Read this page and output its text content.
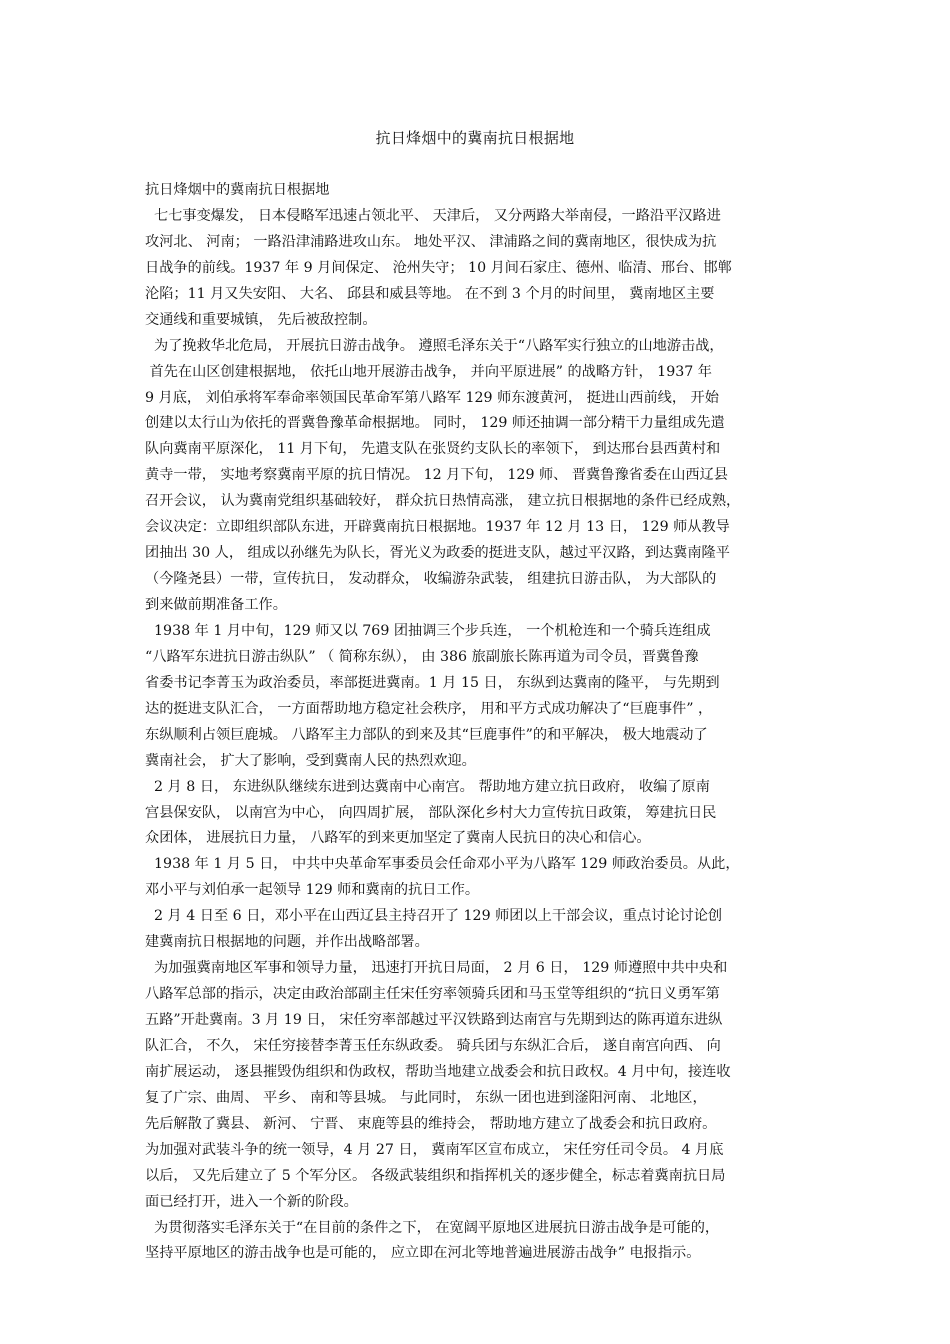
抗日烽烟中的冀南抗日根据地
抗日烽烟中的冀南抗日根据地
七七事变爆发， 日本侵略军迅速占领北平、 天津后， 又分两路大举南侵，一路沿平汉路进
攻河北、 河南； 一路沿津浦路进攻山东。 地处平汉、 津浦路之间的冀南地区，很快成为抗
日战争的前线。1937 年 9 月间保定、 沧州失守； 10 月间石家庄、德州、临清、邢台、邯郸
沦陷；11 月又失安阳、 大名、 邱县和威县等地。 在不到 3 个月的时间里， 冀南地区主要
交通线和重要城镇， 先后被敌控制。
为了挽救华北危局， 开展抗日游击战争。 遵照毛泽东关于“八路军实行独立的山地游击战，
首先在山区创建根据地， 依托山地开展游击战争， 并向平原进展” 的战略方针， 1937 年
9 月底， 刘伯承将军奉命率领国民革命军第八路军 129 师东渡黄河， 挺进山西前线， 开始
创建以太行山为依托的晋冀鲁豫革命根据地。 同时， 129 师还抽调一部分精干力量组成先遣
队向冀南平原深化， 11 月下旬， 先遣支队在张贤约支队长的率领下， 到达邢台县西黄村和
黄寺一带， 实地考察冀南平原的抗日情况。 12 月下旬， 129 师、 晋冀鲁豫省委在山西辽县
召开会议， 认为冀南党组织基础较好， 群众抗日热情高涨， 建立抗日根据地的条件已经成熟，
会议决定：立即组织部队东进，开辟冀南抗日根据地。1937 年 12 月 13 日， 129 师从教导
团抽出 30 人， 组成以孙继先为队长，胥光义为政委的挺进支队，越过平汉路，到达冀南隆平
（今隆尧县）一带，宣传抗日， 发动群众， 收编游杂武装， 组建抗日游击队， 为大部队的
到来做前期准备工作。
1938 年 1 月中旬，129 师又以 769 团抽调三个步兵连， 一个机枪连和一个骑兵连组成
“八路军东进抗日游击纵队” （ 简称东纵）， 由 386 旅副旅长陈再道为司令员，晋冀鲁豫
省委书记李菁玉为政治委员，率部挺进冀南。1 月 15 日， 东纵到达冀南的隆平， 与先期到
达的挺进支队汇合， 一方面帮助地方稳定社会秩序， 用和平方式成功解决了“巨鹿事件” ，
东纵顺利占领巨鹿城。 八路军主力部队的到来及其“巨鹿事件”的和平解决， 极大地震动了
冀南社会， 扩大了影响，受到冀南人民的热烈欢迎。
2 月 8 日， 东进纵队继续东进到达冀南中心南宫。 帮助地方建立抗日政府， 收编了原南
宫县保安队， 以南宫为中心， 向四周扩展， 部队深化乡村大力宣传抗日政策， 筹建抗日民
众团体， 进展抗日力量， 八路军的到来更加坚定了冀南人民抗日的决心和信心。
1938 年 1 月 5 日， 中共中央革命军事委员会任命邓小平为八路军 129 师政治委员。从此，
邓小平与刘伯承一起领导 129 师和冀南的抗日工作。
2 月 4 日至 6 日，邓小平在山西辽县主持召开了 129 师团以上干部会议，重点讨论讨论创
建冀南抗日根据地的问题，并作出战略部署。
为加强冀南地区军事和领导力量， 迅速打开抗日局面， 2 月 6 日， 129 师遵照中共中央和
八路军总部的指示，决定由政治部副主任宋任穷率领骑兵团和马玉堂等组织的“抗日义勇军第
五路”开赴冀南。3 月 19 日， 宋任穷率部越过平汉铁路到达南宫与先期到达的陈再道东进纵
队汇合， 不久， 宋任穷接替李菁玉任东纵政委。 骑兵团与东纵汇合后， 遂自南宫向西、 向
南扩展运动， 逐县摧毁伪组织和伪政权，帮助当地建立战委会和抗日政权。4 月中旬，接连收
复了广宗、曲周、 平乡、 南和等县城。 与此同时， 东纵一团也进到滏阳河南、 北地区，
先后解散了冀县、 新河、 宁晋、 束鹿等县的维持会， 帮助地方建立了战委会和抗日政府。
为加强对武装斗争的统一领导，4 月 27 日， 冀南军区宣布成立， 宋任穷任司令员。 4 月底
以后， 又先后建立了 5 个军分区。 各级武装组织和指挥机关的逐步健全，标志着冀南抗日局
面已经打开，进入一个新的阶段。
为贯彻落实毛泽东关于“在目前的条件之下， 在宽阔平原地区进展抗日游击战争是可能的，
坚持平原地区的游击战争也是可能的， 应立即在河北等地普遍进展游击战争” 电报指示。
